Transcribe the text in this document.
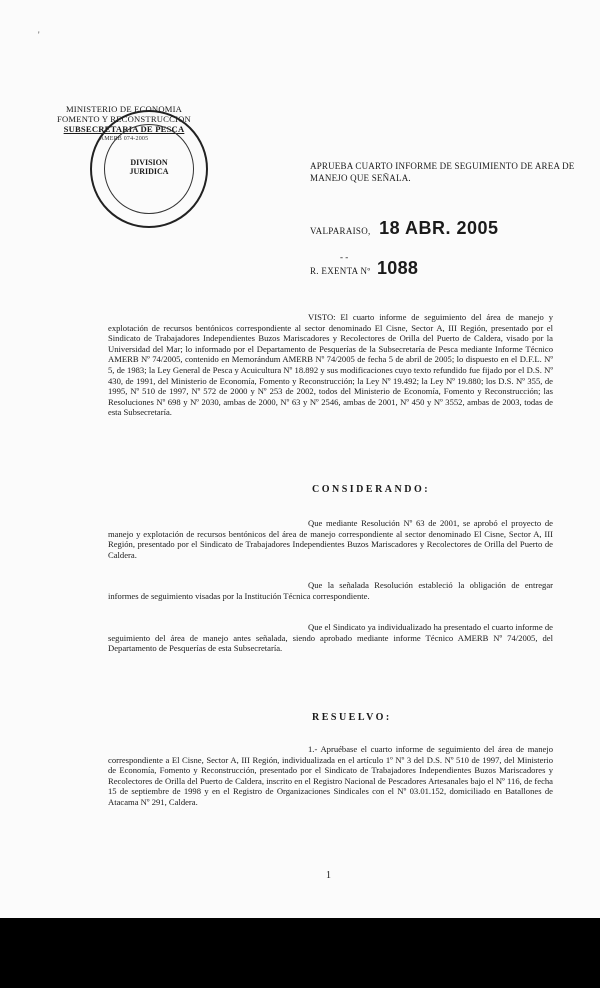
'
MINISTERIO DE ECONOMIA
FOMENTO Y RECONSTRUCCION
SUBSECRETARIA DE PESCA
AMERB 074-2005
DIVISION
JURIDICA
APRUEBA CUARTO INFORME DE SEGUIMIENTO DE AREA DE MANEJO QUE SEÑALA.
VALPARAISO, 18 ABR. 2005
- -
R. EXENTA Nº 1088
VISTO: El cuarto informe de seguimiento del área de manejo y explotación de recursos bentónicos correspondiente al sector denominado El Cisne, Sector A, III Región, presentado por el Sindicato de Trabajadores Independientes Buzos Mariscadores y Recolectores de Orilla del Puerto de Caldera, visado por la Universidad del Mar; lo informado por el Departamento de Pesquerías de la Subsecretaría de Pesca mediante Informe Técnico AMERB Nº 74/2005, contenido en Memorándum AMERB Nº 74/2005 de fecha 5 de abril de 2005; lo dispuesto en el D.F.L. Nº 5, de 1983; la Ley General de Pesca y Acuicultura Nº 18.892 y sus modificaciones cuyo texto refundido fue fijado por el D.S. Nº 430, de 1991, del Ministerio de Economía, Fomento y Reconstrucción; la Ley Nº 19.492; la Ley Nº 19.880; los D.S. Nº 355, de 1995, Nº 510 de 1997, Nº 572 de 2000 y Nº 253 de 2002, todos del Ministerio de Economía, Fomento y Reconstrucción; las Resoluciones Nº 698 y Nº 2030, ambas de 2000, Nº 63 y Nº 2546, ambas de 2001, Nº 450 y Nº 3552, ambas de 2003, todas de esta Subsecretaría.
CONSIDERANDO:
Que mediante Resolución Nº 63 de 2001, se aprobó el proyecto de manejo y explotación de recursos bentónicos del área de manejo correspondiente al sector denominado El Cisne, Sector A, III Región, presentado por el Sindicato de Trabajadores Independientes Buzos Mariscadores y Recolectores de Orilla del Puerto de Caldera.
Que la señalada Resolución estableció la obligación de entregar informes de seguimiento visadas por la Institución Técnica correspondiente.
Que el Sindicato ya individualizado ha presentado el cuarto informe de seguimiento del área de manejo antes señalada, siendo aprobado mediante informe Técnico AMERB Nº 74/2005, del Departamento de Pesquerías de esta Subsecretaría.
RESUELVO:
1.- Apruébase el cuarto informe de seguimiento del área de manejo correspondiente a El Cisne, Sector A, III Región, individualizada en el artículo 1º Nº 3 del D.S. Nº 510 de 1997, del Ministerio de Economía, Fomento y Reconstrucción, presentado por el Sindicato de Trabajadores Independientes Buzos Mariscadores y Recolectores de Orilla del Puerto de Caldera, inscrito en el Registro Nacional de Pescadores Artesanales bajo el Nº 116, de fecha 15 de septiembre de 1998 y en el Registro de Organizaciones Sindicales con el Nº 03.01.152, domiciliado en Batallones de Atacama Nº 291, Caldera.
1
